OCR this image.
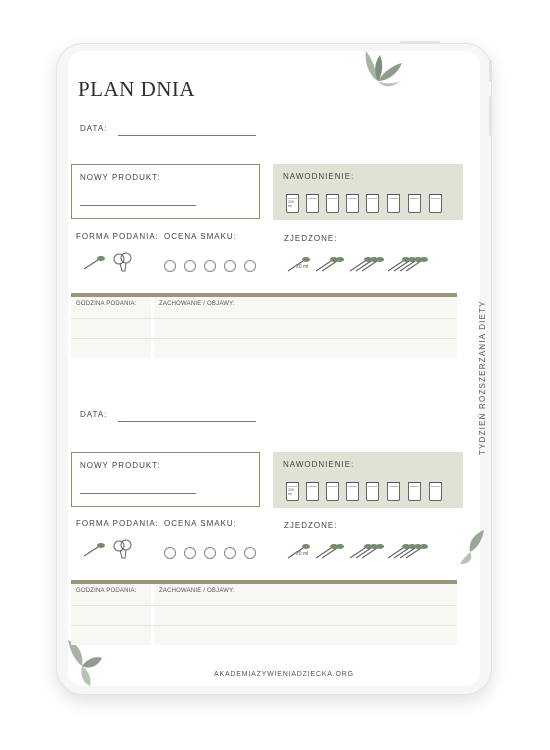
PLAN DNIA
DATA:
NOWY PRODUKT:	NAWODNIENIE:
200 ml
FORMA PODANIA: OCENA SMAKU:	ZJEDZONE:
20 ml
GODZINA PODANIA:	ZACHOWANIE / OBJAWY:
DATA:
NOWY PRODUKT:	NAWODNIENIE:
200 ml
FORMA PODANIA: OCENA SMAKU:	ZJEDZONE:
20 ml
GODZINA PODANIA:	ZACHOWANIE / OBJAWY:
AKADEMIAZYWIENIADZIECKA.ORG
TYDZIEŃ ROZSZERZANIA DIETY
